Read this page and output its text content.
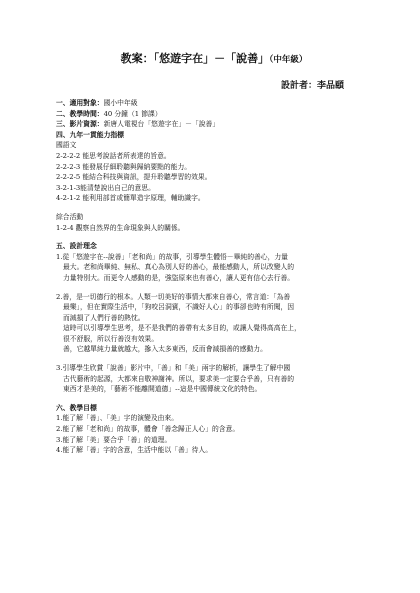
教案：「悠遊字在」－「說善」（中年級）
設計者：李品頤
一、適用對象：國小中年級
二、教學時間：40 分鐘（1 節課）
三、影片資源：新唐人電視台「悠遊字在」－「說善」
四、九年一貫能力指標
國語文
2-2-2-2 能思考說話者所表達的旨意。
2-2-2-3 能發展仔細聆聽與歸納要點的能力。
2-2-2-5 能結合科技與資訊，提升聆聽學習的效果。
3-2-1-3能清楚說出自己的意思。
4-2-1-2 能利用部首或簡單造字原理，輔助識字。
綜合活動
1-2-4 觀察自然界的生命現象與人的關係。
五、設計理念
1.從「悠遊字在--說善」「老和尚」的故事，引導學生體悟－畢純的善心，力量
最大。老和尚畢純、無私、真心為別人好的善心，最能感動人，所以改變人的
力量特別大。而更令人感動的是，強盜原來也有善心，讓人更有信心去行善。
2.善，是一切德行的根本。人類一切美好的事情大都來自善心，常言道：「為善
最樂」，但在實際生活中，「狗咬呂洞賓，不識好人心」的事卻也時有所聞，因
而減損了人們行善的熱忱。
這時可以引導學生思考，是不是我們的善帶有太多目的，或讓人覺得高高在上，
很不舒服，所以行善沒有效果。
善，它越單純力量就越大，摻入太多東西，反而會減損善的感動力。
3.引導學生欣賞「說善」影片中，「善」和「美」兩字的解析，讓學生了解中國
古代藝術的起源，大都來自敬神謝神。所以，要求美一定要合乎善，只有善的
東西才是美的，「藝術不能離開道德」--這是中國傳統文化的特色。
六、教學目標
1.能了解「善」、「美」字的演變及由來。
2.能了解「老和尚」的故事，體會「善念歸正人心」的含意。
3.能了解「美」要合乎「善」的道理。
4.能了解「善」字的含意，生活中能以「善」待人。
